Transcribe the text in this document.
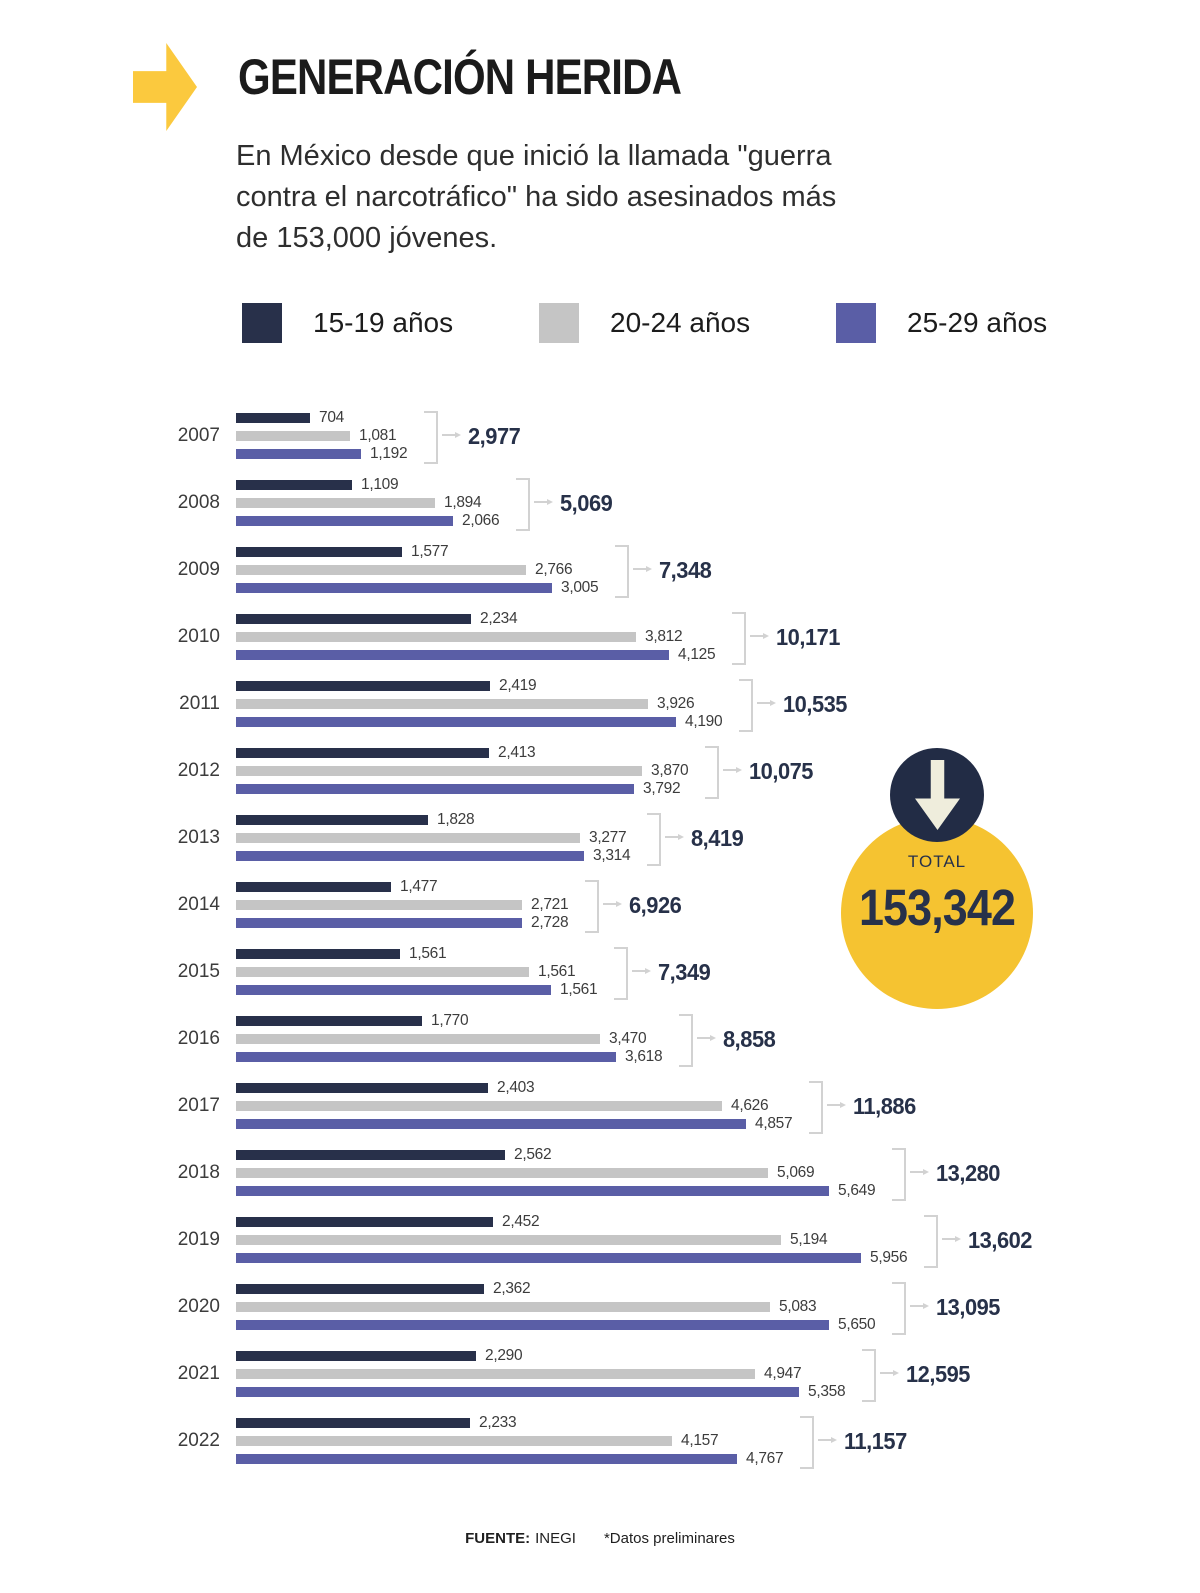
GENERACIÓN HERIDA
En México desde que inició la llamada "guerra
contra el narcotráfico" ha sido asesinados más
de 153,000 jóvenes.
15-19 años	20-24 años	25-29 años
2007
704
1,081
1,192
2,977
2008
1,109
1,894
2,066
5,069
2009
1,577
2,766
3,005
7,348
2010
2,234
3,812
4,125
10,171
2011
2,419
3,926
4,190
10,535
2012
2,413
3,870
3,792
10,075
2013
1,828
3,277
3,314
8,419
2014
1,477
2,721
2,728
6,926
2015
1,561
1,561
1,561
7,349
2016
1,770
3,470
3,618
8,858
2017
2,403
4,626
4,857
11,886
2018
2,562
5,069
5,649
13,280
2019
2,452
5,194
5,956
13,602
2020
2,362
5,083
5,650
13,095
2021
2,290
4,947
5,358
12,595
2022
2,233
4,157
4,767
11,157
TOTAL
153,342
FUENTE: INEGI *Datos preliminares
